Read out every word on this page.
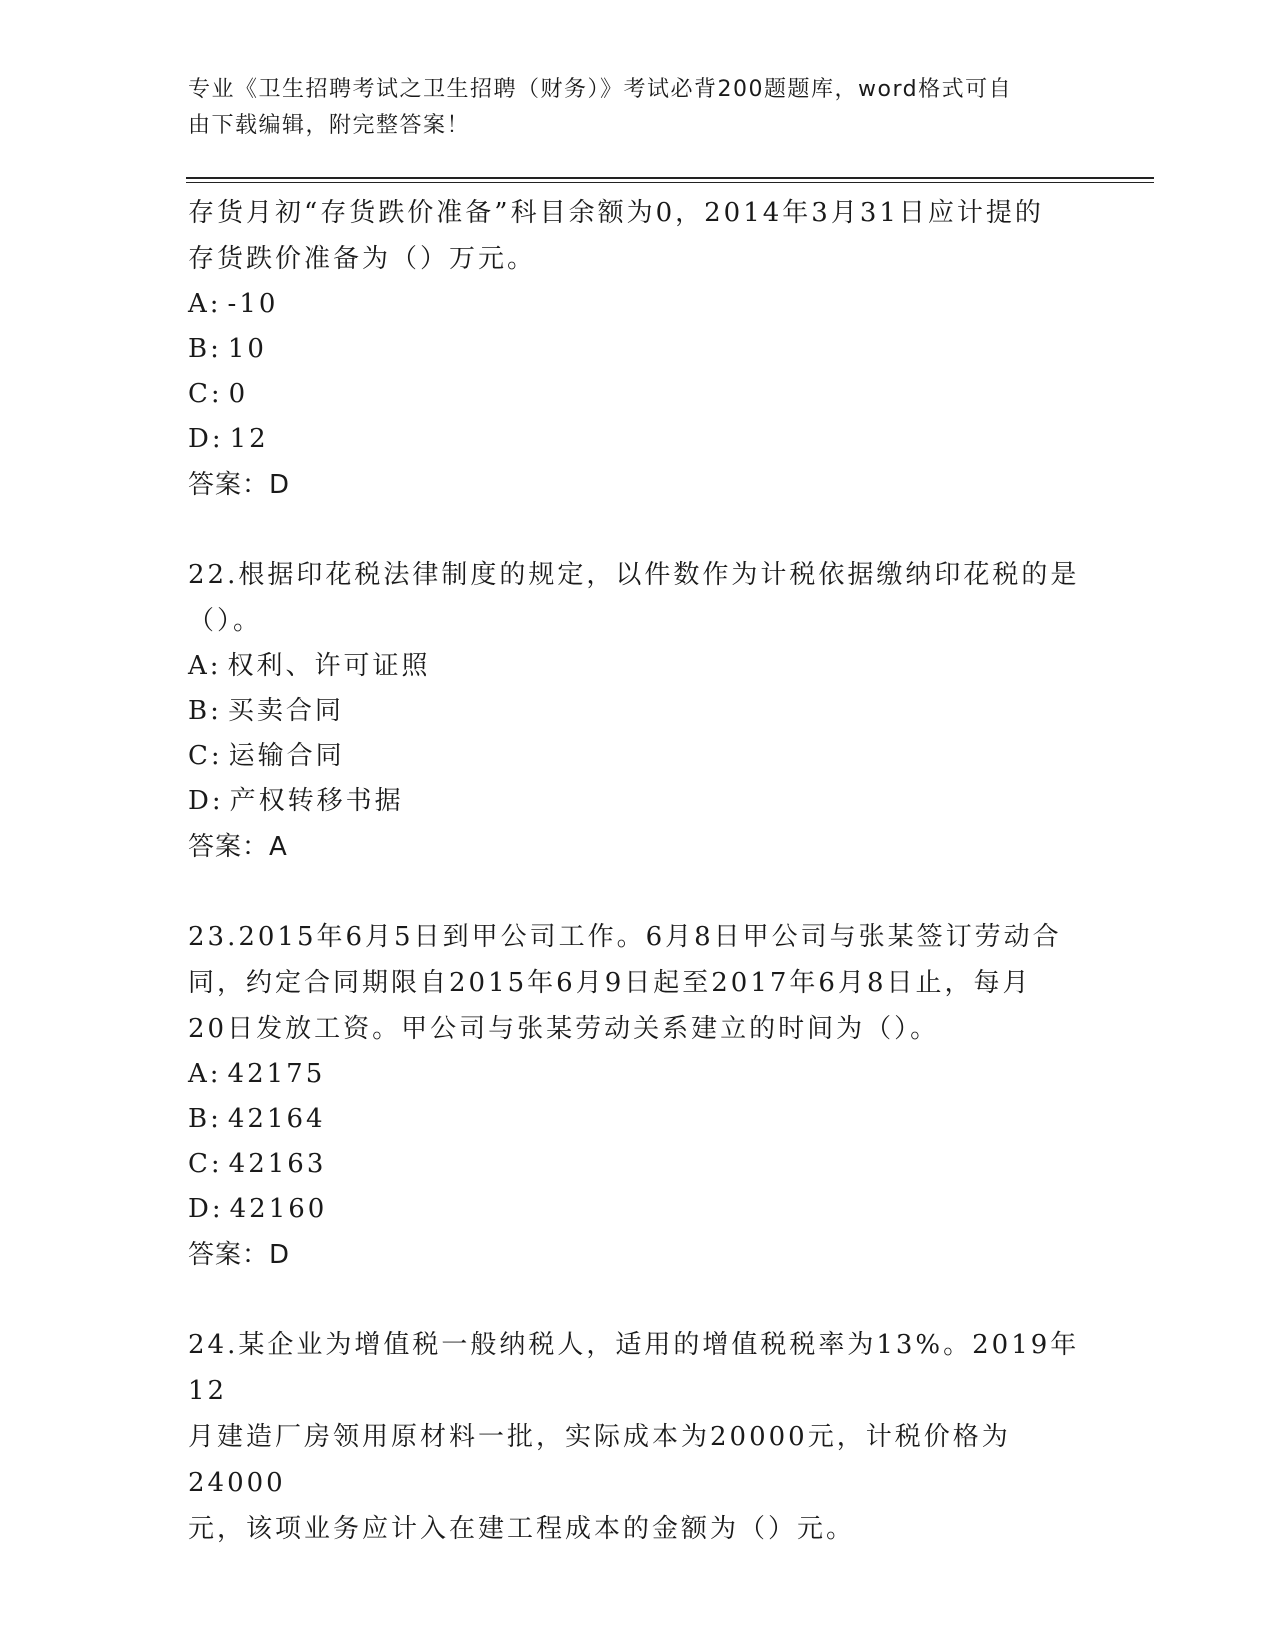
专业《卫生招聘考试之卫生招聘（财务）》考试必背200题题库，word格式可自
由下载编辑，附完整答案！

存货月初“存货跌价准备”科目余额为0，2014年3月31日应计提的

存货跌价准备为（）万元。

A: -10

B: 10

C: 0

D: 12

答案：D

22.根据印花税法律制度的规定，以件数作为计税依据缴纳印花税的是

（）。

A: 权利、许可证照

B: 买卖合同

C: 运输合同

D: 产权转移书据

答案：A

23.2015年6月5日到甲公司工作。6月8日甲公司与张某签订劳动合

同，约定合同期限自2015年6月9日起至2017年6月8日止，每月

20日发放工资。甲公司与张某劳动关系建立的时间为（）。

A: 42175

B: 42164

C: 42163

D: 42160

答案：D

24.某企业为增值税一般纳税人，适用的增值税税率为13%。2019年12

月建造厂房领用原材料一批，实际成本为20000元，计税价格为24000

元，该项业务应计入在建工程成本的金额为（）元。
